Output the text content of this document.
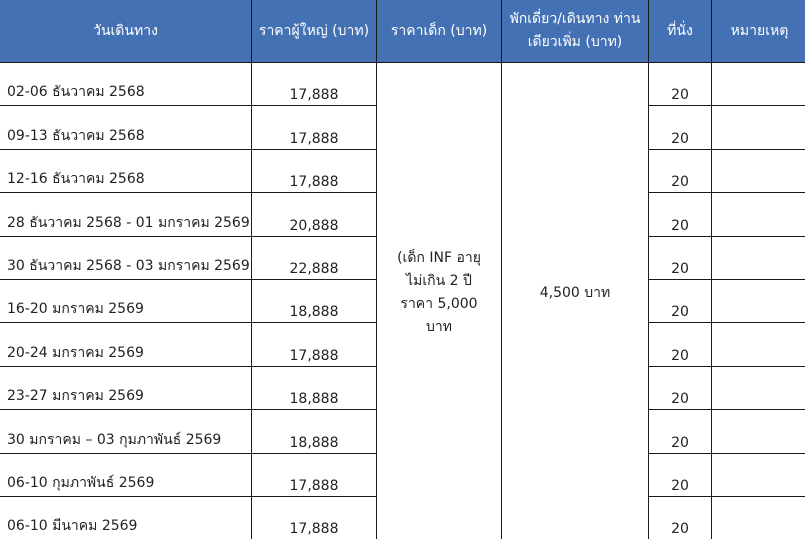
วันเดินทาง	ราคาผู้ใหญ่ (บาท)	ราคาเด็ก (บาท)	พักเดี่ยว/เดินทาง ท่านเดียวเพิ่ม (บาท)	ที่นั่ง	หมายเหตุ

02-06 ธันวาคม 2568	17,888	(เด็ก INF อายุไม่เกิน 2 ปี ราคา 5,000 บาท	4,500 บาท	20	

09-13 ธันวาคม 2568	17,888			20	

12-16 ธันวาคม 2568	17,888			20	

28 ธันวาคม 2568 - 01 มกราคม 2569	20,888			20	

30 ธันวาคม 2568 - 03 มกราคม 2569	22,888			20	

16-20 มกราคม 2569	18,888			20	

20-24 มกราคม 2569	17,888			20	

23-27 มกราคม 2569	18,888			20	

30 มกราคม – 03 กุมภาพันธ์ 2569	18,888			20	

06-10 กุมภาพันธ์ 2569	17,888			20	

06-10 มีนาคม 2569	17,888			20	
